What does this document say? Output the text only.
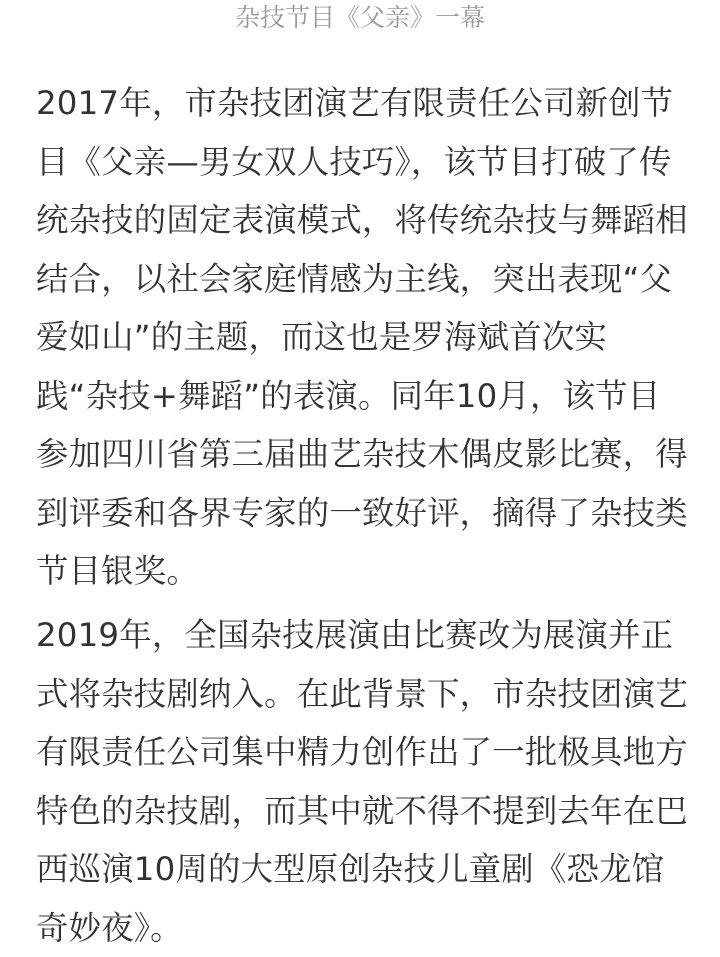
杂技节目《父亲》一幕

2017年，市杂技团演艺有限责任公司新创节目《父亲—男女双人技巧》，该节目打破了传统杂技的固定表演模式，将传统杂技与舞蹈相结合，以社会家庭情感为主线，突出表现“父爱如山”的主题，而这也是罗海斌首次实践“杂技+舞蹈”的表演。同年10月，该节目参加四川省第三届曲艺杂技木偶皮影比赛，得到评委和各界专家的一致好评，摘得了杂技类节目银奖。

2019年，全国杂技展演由比赛改为展演并正式将杂技剧纳入。在此背景下，市杂技团演艺有限责任公司集中精力创作出了一批极具地方特色的杂技剧，而其中就不得不提到去年在巴西巡演10周的大型原创杂技儿童剧《恐龙馆奇妙夜》。
